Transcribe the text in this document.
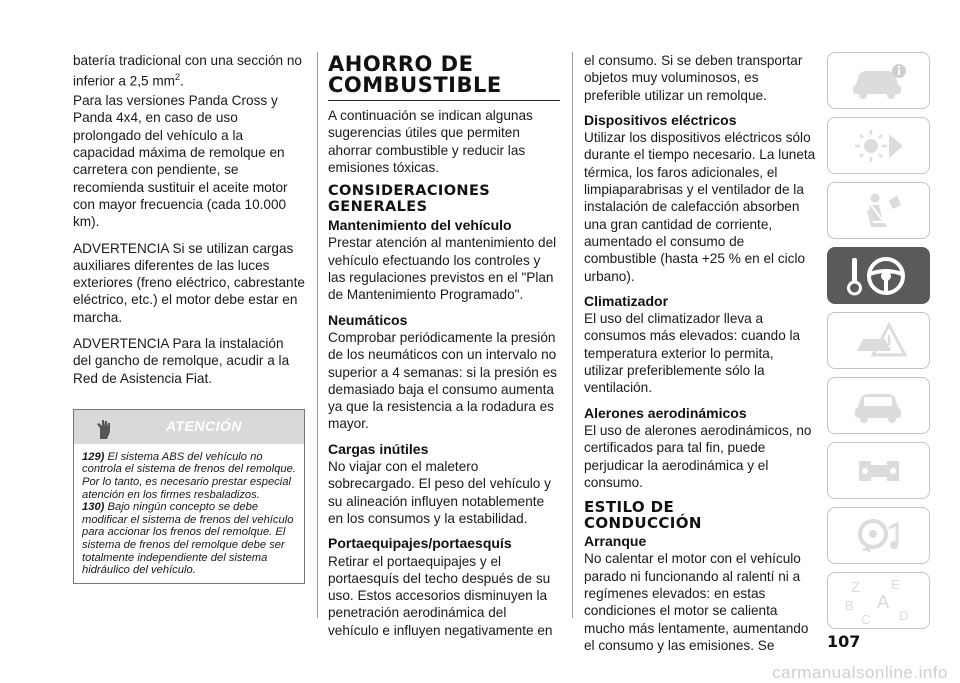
batería tradicional con una sección no inferior a 2,5 $mm^2$.

Para las versiones Panda Cross y Panda 4x4, en caso de uso prolongado del vehículo a la capacidad máxima de remolque en carretera con pendiente, se recomienda sustituir el aceite motor con mayor frecuencia (cada 10.000 km).

ADVERTENCIA Si se utilizan cargas auxiliares diferentes de las luces exteriores (freno eléctrico, cabrestante eléctrico, etc.) el motor debe estar en marcha.

ADVERTENCIA Para la instalación del gancho de remolque, acudir a la Red de Asistencia Fiat.

ATENCIÓN
129) El sistema ABS del vehículo no controla el sistema de frenos del remolque. Por lo tanto, es necesario prestar especial atención en los firmes resbaladizos.
130) Bajo ningún concepto se debe modificar el sistema de frenos del vehículo para accionar los frenos del remolque. El sistema de frenos del remolque debe ser totalmente independiente del sistema hidráulico del vehículo.
AHORRO DE
COMBUSTIBLE

A continuación se indican algunas sugerencias útiles que permiten ahorrar combustible y reducir las emisiones tóxicas.

CONSIDERACIONES
GENERALES

Mantenimiento del vehículo

Prestar atención al mantenimiento del vehículo efectuando los controles y las regulaciones previstos en el "Plan de Mantenimiento Programado".

Neumáticos

Comprobar periódicamente la presión de los neumáticos con un intervalo no superior a 4 semanas: si la presión es demasiado baja el consumo aumenta ya que la resistencia a la rodadura es mayor.

Cargas inútiles

No viajar con el maletero sobrecargado. El peso del vehículo y su alineación influyen notablemente en los consumos y la estabilidad.

Portaequipajes/portaesquís

Retirar el portaequipajes y el portaesquís del techo después de su uso. Estos accesorios disminuyen la penetración aerodinámica del vehículo e influyen negativamente en

el consumo. Si se deben transportar objetos muy voluminosos, es preferible utilizar un remolque.

Dispositivos eléctricos

Utilizar los dispositivos eléctricos sólo durante el tiempo necesario. La luneta térmica, los faros adicionales, el limpiaparabrisas y el ventilador de la instalación de calefacción absorben una gran cantidad de corriente, aumentado el consumo de combustible (hasta +25 % en el ciclo urbano).

Climatizador

El uso del climatizador lleva a consumos más elevados: cuando la temperatura exterior lo permita, utilizar preferiblemente sólo la ventilación.

Alerones aerodinámicos

El uso de alerones aerodinámicos, no certificados para tal fin, puede perjudicar la aerodinámica y el consumo.

ESTILO DE
CONDUCCIÓN

Arranque

No calentar el motor con el vehículo parado ni funcionando al ralentí ni a regímenes elevados: en estas condiciones el motor se calienta mucho más lentamente, aumentando el consumo y las emisiones. Se

Z E
B A
C D
107
carmanualsonline.info
